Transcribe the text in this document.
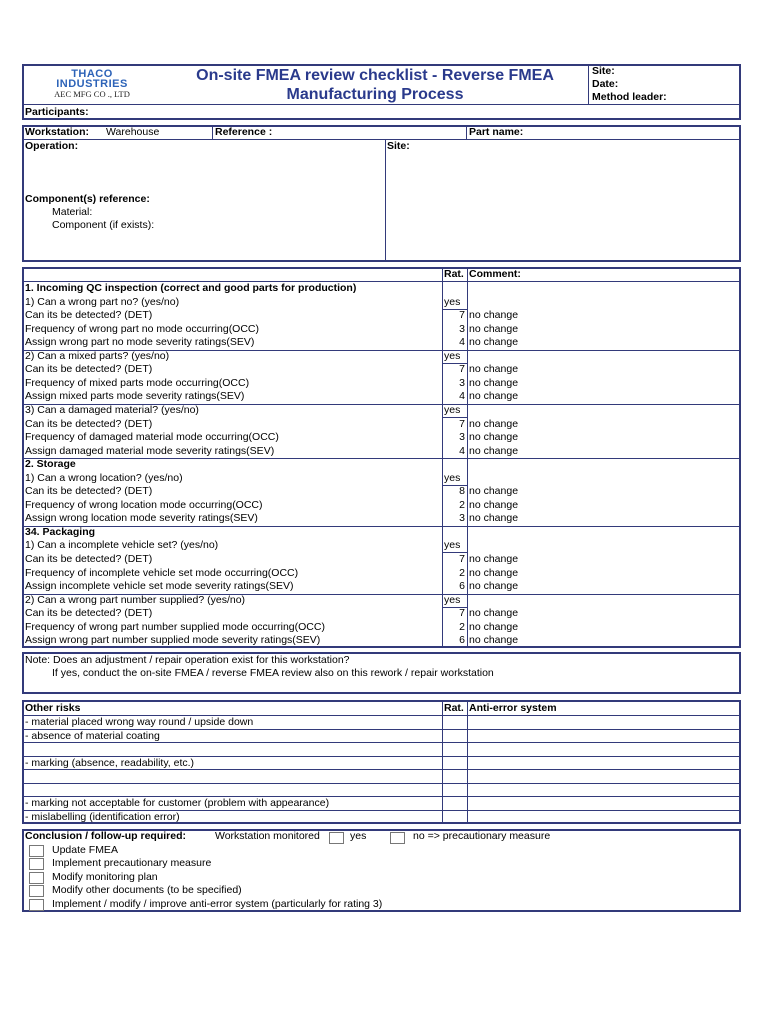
THACO
INDUSTRIES
AEC MFG CO ., LTD
On-site FMEA review checklist - Reverse FMEA
Manufacturing Process
Site:
Date:
Method leader:
Participants:
Workstation: Warehouse	Reference :	Part name:
Operation:	Site:
Component(s) reference:
Material:
Component (if exists):
Rat. Comment:
1. Incoming QC inspection (correct and good parts for production)
1) Can a wrong part no? (yes/no)	yes
Can its be detected? (DET)	7 no change
Frequency of wrong part no mode occurring(OCC)	3 no change
Assign wrong part no mode severity ratings(SEV)	4 no change
2) Can a mixed parts? (yes/no)	yes
Can its be detected? (DET)	7 no change
Frequency of mixed parts mode occurring(OCC)	3 no change
Assign mixed parts mode severity ratings(SEV)	4 no change
3) Can a damaged material? (yes/no)	yes
Can its be detected? (DET)	7 no change
Frequency of damaged material mode occurring(OCC)	3 no change
Assign damaged material mode severity ratings(SEV)	4 no change
2. Storage
1) Can a wrong location? (yes/no)	yes
Can its be detected? (DET)	8 no change
Frequency of wrong location mode occurring(OCC)	2 no change
Assign wrong location mode severity ratings(SEV)	3 no change
34. Packaging
1) Can a incomplete vehicle set? (yes/no)	yes
Can its be detected? (DET)	7 no change
Frequency of incomplete vehicle set mode occurring(OCC)	2 no change
Assign incomplete vehicle set mode severity ratings(SEV)	6 no change
2) Can a wrong part number supplied? (yes/no)	yes
Can its be detected? (DET)	7 no change
Frequency of wrong part number supplied mode occurring(OCC)	2 no change
Assign wrong part number supplied mode severity ratings(SEV)	6 no change
Note: Does an adjustment / repair operation exist for this workstation?
If yes, conduct the on-site FMEA / reverse FMEA review also on this rework / repair workstation
Other risks	Rat. Anti-error system
- material placed wrong way round / upside down
- absence of material coating
- marking (absence, readability, etc.)
- marking not acceptable for customer (problem with appearance)
- mislabelling (identification error)
Conclusion / follow-up required:	Workstation monitored	yes	no => precautionary measure
Update FMEA
Implement precautionary measure
Modify monitoring plan
Modify other documents (to be specified)
Implement / modify / improve anti-error system (particularly for rating 3)
